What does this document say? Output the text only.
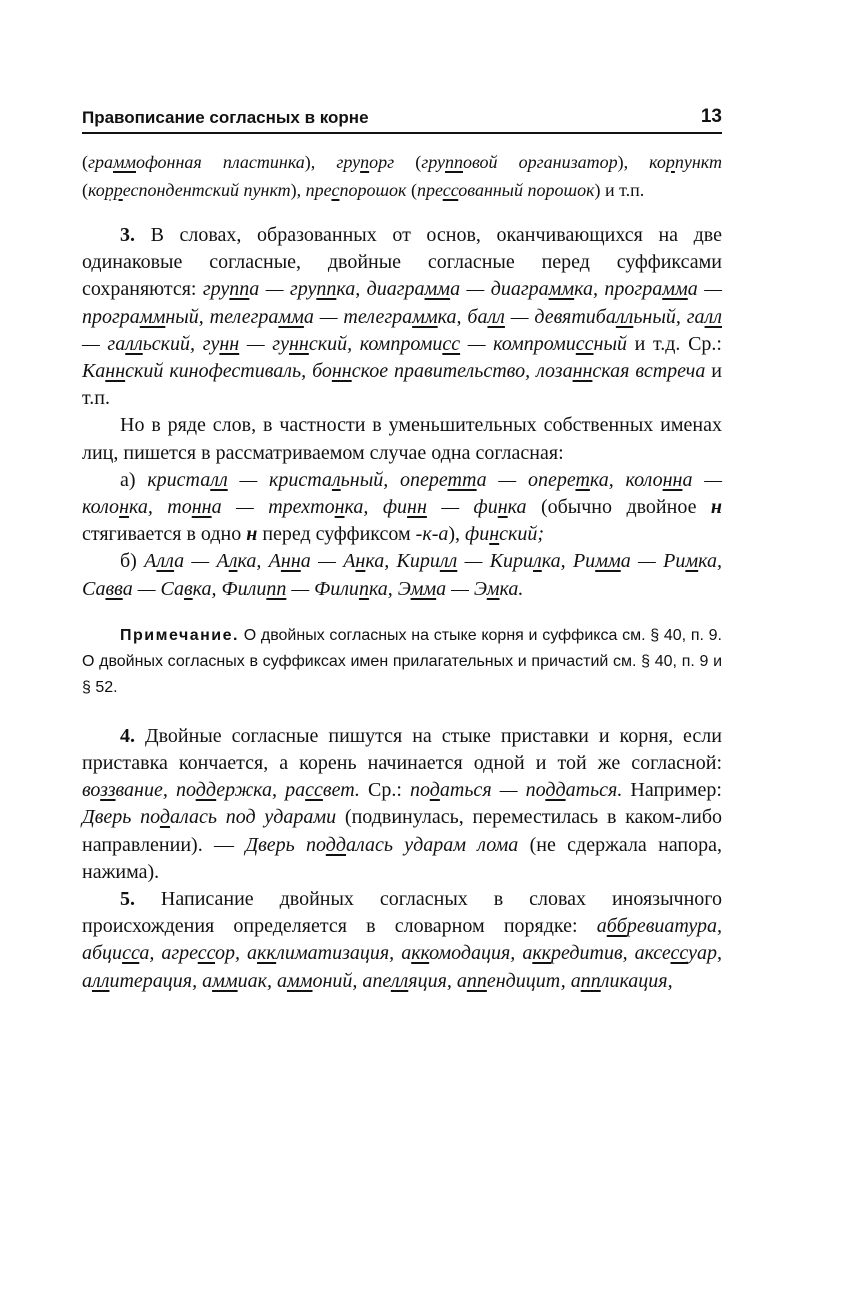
Правописание согласных в корне	13

(граммофонная пластинка), групорг (групповой организатор), корпункт (корреспондентский пункт), преспорошок (прессованный порошок) и т.п.

3. В словах, образованных от основ, оканчивающихся на две одинаковые согласные, двойные согласные перед суффиксами сохраняются: группа — группка, диаграмма — диаграммка, программа — программный, телеграмма — телеграммка, балл — девятибалльный, галл — галльский, гунн — гуннский, компромисс — компромиссный и т.д. Ср.: Каннский кинофестиваль, боннское правительство, лозаннская встреча и т.п.

Но в ряде слов, в частности в уменьшительных собственных именах лиц, пишется в рассматриваемом случае одна согласная:

а) кристалл — кристальный, оперетта — оперетка, колонна — колонка, тонна — трехтонка, финн — финка (обычно двойное н стягивается в одно н перед суффиксом -к-а), финский;

б) Алла — Алка, Анна — Анка, Кирилл — Кирилка, Римма — Римка, Савва — Савка, Филипп — Филипка, Эмма — Эмка.

Примечание. О двойных согласных на стыке корня и суффикса см. § 40, п. 9. О двойных согласных в суффиксах имен прилагательных и причастий см. § 40, п. 9 и § 52.

4. Двойные согласные пишутся на стыке приставки и корня, если приставка кончается, а корень начинается одной и той же согласной: воззвание, поддержка, рассвет. Ср.: податься — поддаться. Например: Дверь подалась под ударами (подвинулась, переместилась в каком-либо направлении). — Дверь поддалась ударам лома (не сдержала напора, нажима).

5. Написание двойных согласных в словах иноязычного происхождения определяется в словарном порядке: аббревиатура, абцисса, агрессор, акклиматизация, аккомодация, аккредитив, аксессуар, аллитерация, аммиак, аммоний, апелляция, аппендицит, аппликация,
